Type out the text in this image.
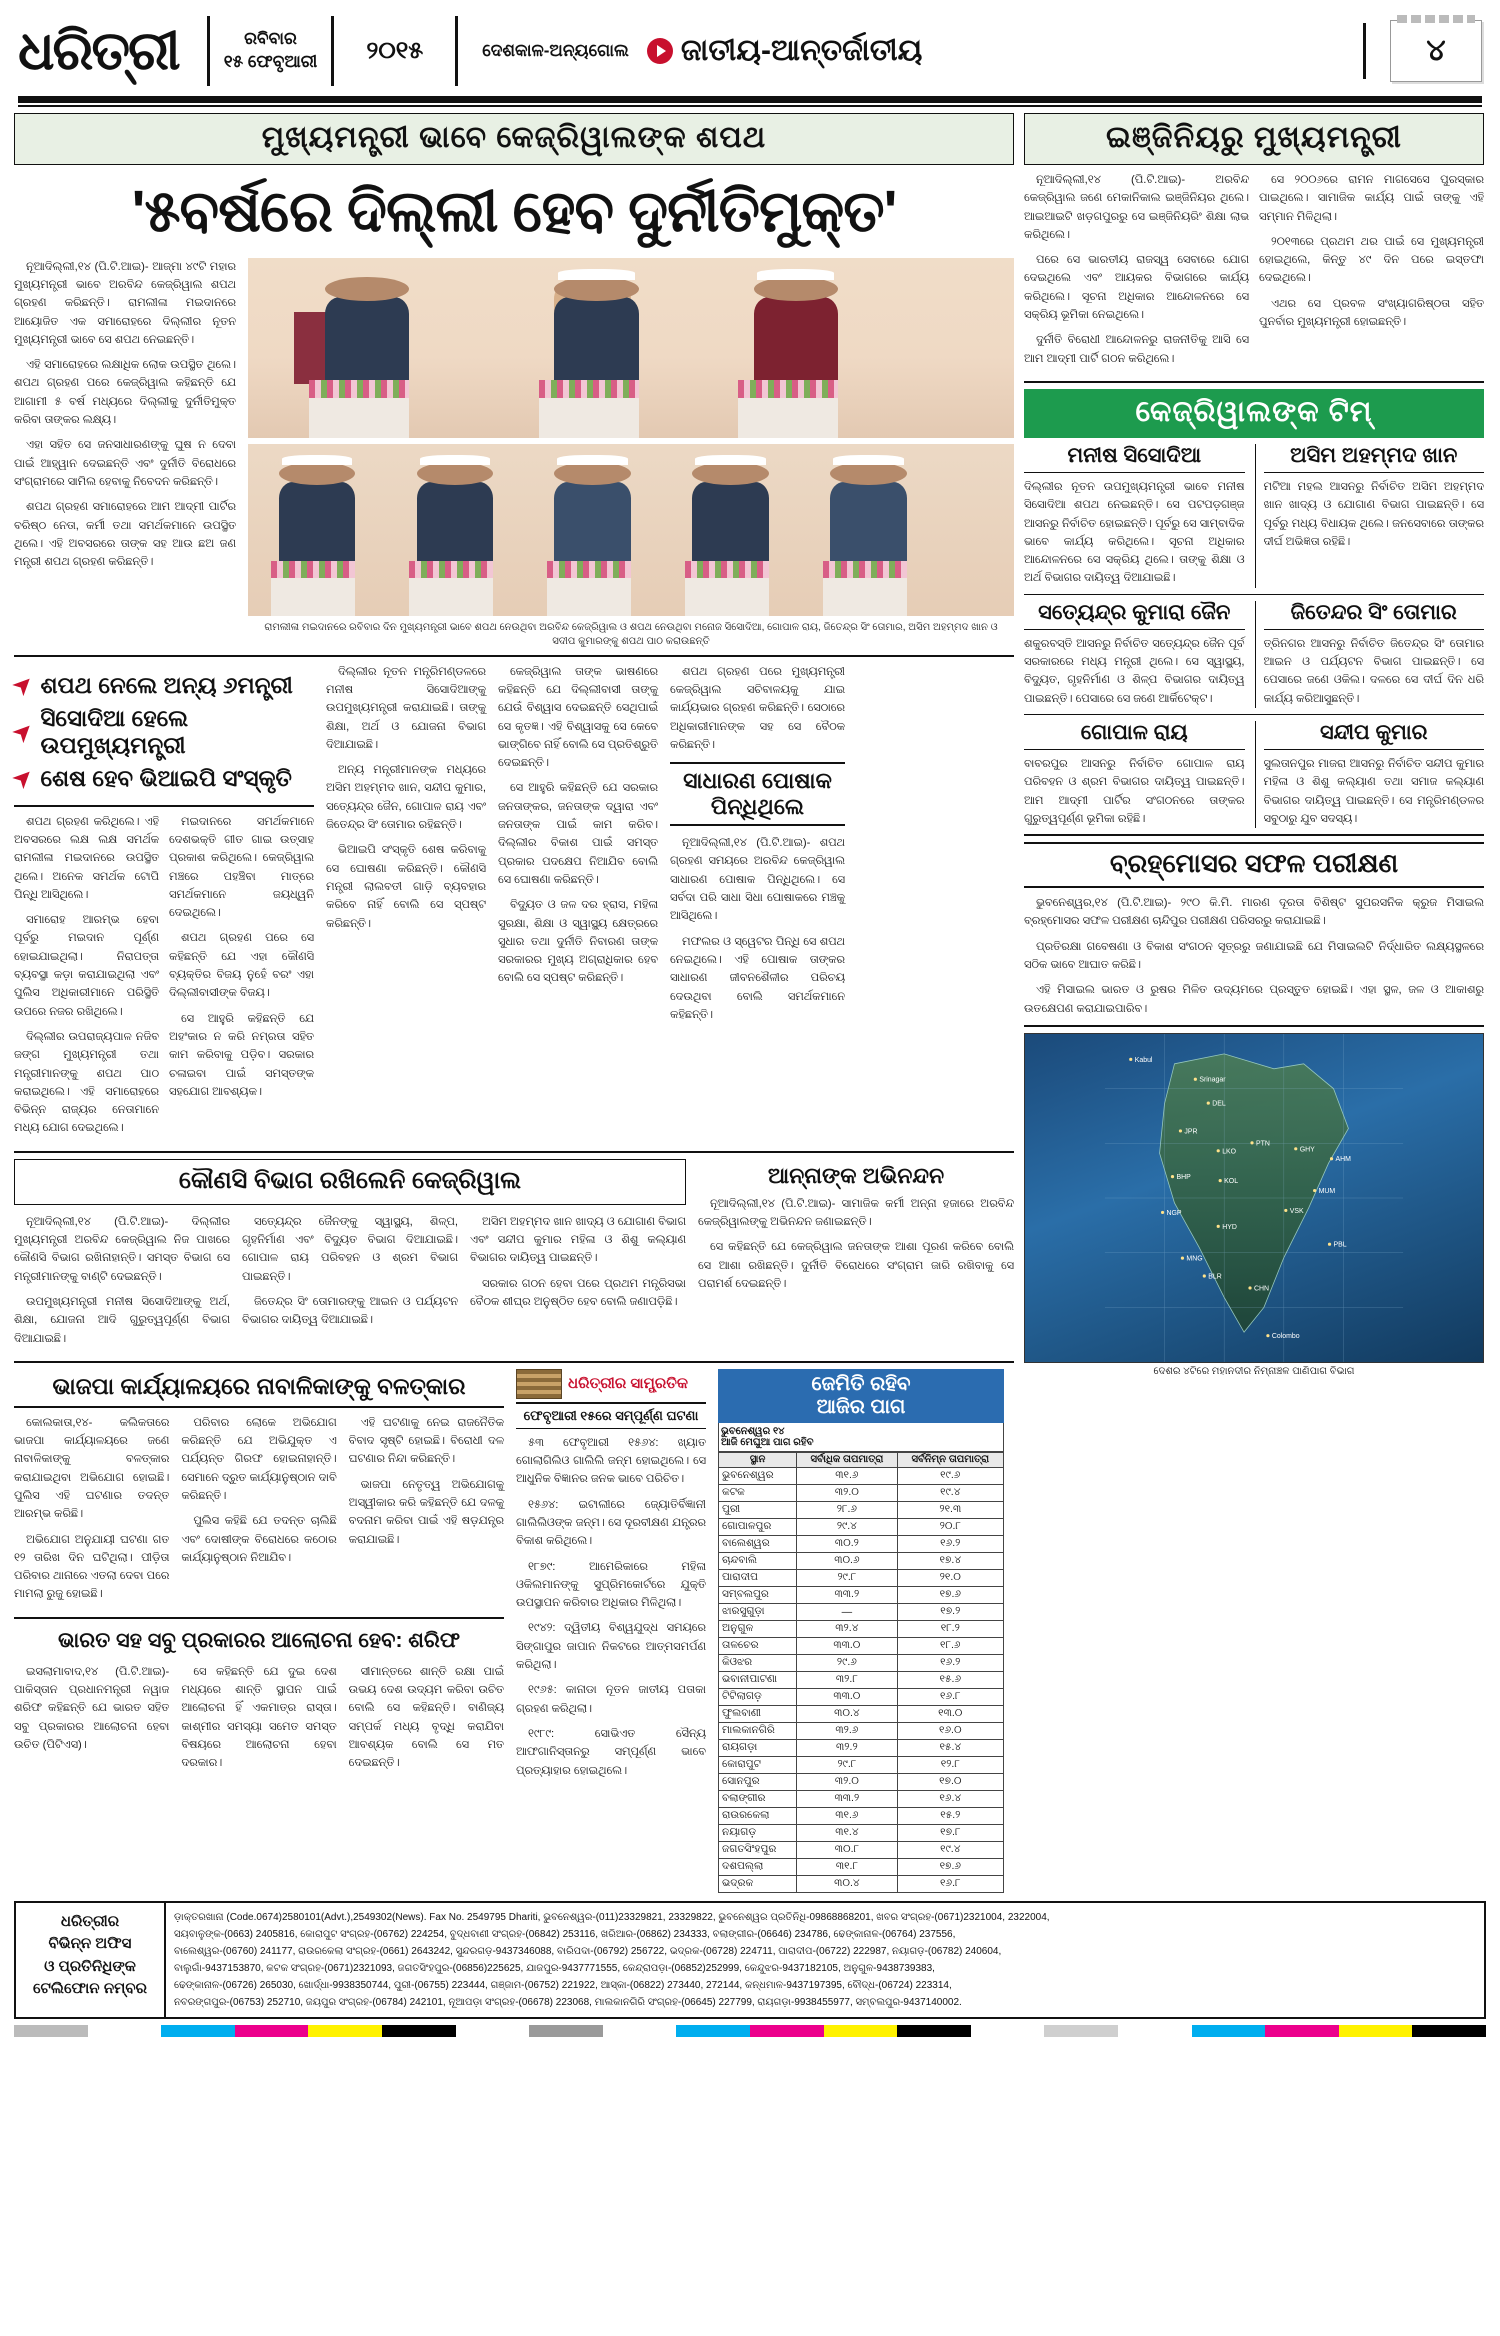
ଧରିତ୍ରୀ	ରବିବାର
୧୫ ଫେବୃଆରୀ	୨୦୧୫	ଦେଶକାଳ-ଅନ୍ୟଗୋଲ	ଜାତୀୟ-ଆନ୍ତର୍ଜାତୀୟ	୪
ମୁଖ୍ୟମନ୍ତ୍ରୀ ଭାବେ କେଜ୍ରିୱାଲଙ୍କ ଶପଥ
'୫ବର୍ଷରେ ଦିଲ୍ଲୀ ହେବ ଦୁର୍ନୀତିମୁକ୍ତ'

ନୂଆଦିଲ୍ଲୀ,୧୪ (ପି.ଟି.ଆଇ)- ଆଜ୍ମା ୪୯ଟି ମହାର ମୁଖ୍ୟମନ୍ତ୍ରୀ ଭାବେ ଅରବିନ୍ଦ କେଜ୍ରିୱାଲ ଶପଥ ଗ୍ରହଣ କରିଛନ୍ତି। ରାମଲୀଳା ମଇଦାନରେ ଆୟୋଜିତ ଏକ ସମାରୋହରେ ଦିଲ୍ଲୀର ନୂତନ ମୁଖ୍ୟମନ୍ତ୍ରୀ ଭାବେ ସେ ଶପଥ ନେଇଛନ୍ତି।

ଏହି ସମାରୋହରେ ଲକ୍ଷାଧିକ ଲୋକ ଉପସ୍ଥିତ ଥିଲେ। ଶପଥ ଗ୍ରହଣ ପରେ କେଜ୍ରିୱାଲ କହିଛନ୍ତି ଯେ ଆଗାମୀ ୫ ବର୍ଷ ମଧ୍ୟରେ ଦିଲ୍ଲୀକୁ ଦୁର୍ନୀତିମୁକ୍ତ କରିବା ତାଙ୍କର ଲକ୍ଷ୍ୟ।

ଏହା ସହିତ ସେ ଜନସାଧାରଣଙ୍କୁ ଘୁଷ ନ ଦେବା ପାଇଁ ଆହ୍ୱାନ ଦେଇଛନ୍ତି ଏବଂ ଦୁର୍ନୀତି ବିରୋଧରେ ସଂଗ୍ରାମରେ ସାମିଲ ହେବାକୁ ନିବେଦନ କରିଛନ୍ତି।

ଶପଥ ଗ୍ରହଣ ସମାରୋହରେ ଆମ ଆଦ୍ମୀ ପାର୍ଟିର ବରିଷ୍ଠ ନେତା, କର୍ମୀ ତଥା ସମର୍ଥକମାନେ ଉପସ୍ଥିତ ଥିଲେ। ଏହି ଅବସରରେ ତାଙ୍କ ସହ ଆଉ ଛଅ ଜଣ ମନ୍ତ୍ରୀ ଶପଥ ଗ୍ରହଣ କରିଛନ୍ତି।

ରାମଲୀଳା ମଇଦାନରେ ରବିବାର ଦିନ ମୁଖ୍ୟମନ୍ତ୍ରୀ ଭାବେ ଶପଥ ନେଉଥିବା ଅରବିନ୍ଦ କେଜ୍ରିୱାଲ ଓ ଶପଥ ନେଉଥିବା ମନୋଜ ସିସୋଦିଆ, ଗୋପାଳ ରାୟ, ଜିତେନ୍ଦ୍ର ସିଂ ତୋମାର, ଅସିମ ଅହମ୍ମଦ ଖାନ ଓ ସଦୀପ କୁମାରଙ୍କୁ ଶପଥ ପାଠ କରାଉଛନ୍ତି
➤ ଶପଥ ନେଲେ ଅନ୍ୟ ୬ମନ୍ତ୍ରୀ
➤ ସିସୋଦିଆ ହେଲେ ଉପମୁଖ୍ୟମନ୍ତ୍ରୀ
➤ ଶେଷ ହେବ ଭିଆଇପି ସଂସ୍କୃତି

ଶପଥ ଗ୍ରହଣ କରିଥିଲେ। ଏହି ଅବସରରେ ଲକ୍ଷ ଲକ୍ଷ ସମର୍ଥକ ରାମଲୀଳା ମଇଦାନରେ ଉପସ୍ଥିତ ଥିଲେ। ଅନେକ ସମର୍ଥକ ଟୋପି ପିନ୍ଧି ଆସିଥିଲେ।

ସମାରୋହ ଆରମ୍ଭ ହେବା ପୂର୍ବରୁ ମଇଦାନ ପୂର୍ଣ୍ଣ ହୋଇଯାଇଥିଲା। ନିରାପତ୍ତା ବ୍ୟବସ୍ଥା କଡ଼ା କରାଯାଇଥିଲା ଏବଂ ପୁଲିସ ଅଧିକାରୀମାନେ ପରିସ୍ଥିତି ଉପରେ ନଜର ରଖିଥିଲେ।

ଦିଲ୍ଲୀର ଉପରାଜ୍ୟପାଳ ନଜିବ ଜଙ୍ଗ ମୁଖ୍ୟମନ୍ତ୍ରୀ ତଥା ମନ୍ତ୍ରୀମାନଙ୍କୁ ଶପଥ ପାଠ କରାଇଥିଲେ। ଏହି ସମାରୋହରେ ବିଭିନ୍ନ ରାଜ୍ୟର ନେତାମାନେ ମଧ୍ୟ ଯୋଗ ଦେଇଥିଲେ।

ମଇଦାନରେ ସମର୍ଥକମାନେ ଦେଶଭକ୍ତି ଗୀତ ଗାଇ ଉତ୍ସାହ ପ୍ରକାଶ କରିଥିଲେ। କେଜ୍ରିୱାଲ ମଞ୍ଚରେ ପହଞ୍ଚିବା ମାତ୍ରେ ସମର୍ଥକମାନେ ଜୟଧ୍ୱନି ଦେଇଥିଲେ।

ଶପଥ ଗ୍ରହଣ ପରେ ସେ କହିଛନ୍ତି ଯେ ଏହା କୌଣସି ବ୍ୟକ୍ତିର ବିଜୟ ନୁହେଁ ବରଂ ଏହା ଦିଲ୍ଲୀବାସୀଙ୍କ ବିଜୟ।

ସେ ଆହୁରି କହିଛନ୍ତି ଯେ ଅହଂକାର ନ କରି ନମ୍ରତା ସହିତ କାମ କରିବାକୁ ପଡ଼ିବ। ସରକାର ଚଳାଇବା ପାଇଁ ସମସ୍ତଙ୍କ ସହଯୋଗ ଆବଶ୍ୟକ।

ଦିଲ୍ଲୀର ନୂତନ ମନ୍ତ୍ରିମଣ୍ଡଳରେ ମନୀଷ ସିସୋଦିଆଙ୍କୁ ଉପମୁଖ୍ୟମନ୍ତ୍ରୀ କରାଯାଇଛି। ତାଙ୍କୁ ଶିକ୍ଷା, ଅର୍ଥ ଓ ଯୋଜନା ବିଭାଗ ଦିଆଯାଇଛି।

ଅନ୍ୟ ମନ୍ତ୍ରୀମାନଙ୍କ ମଧ୍ୟରେ ଅସିମ ଅହମ୍ମଦ ଖାନ, ସନ୍ଦୀପ କୁମାର, ସତ୍ୟେନ୍ଦ୍ର ଜୈନ, ଗୋପାଳ ରାୟ ଏବଂ ଜିତେନ୍ଦ୍ର ସିଂ ତୋମାର ରହିଛନ୍ତି।

ଭିଆଇପି ସଂସ୍କୃତି ଶେଷ କରିବାକୁ ସେ ଘୋଷଣା କରିଛନ୍ତି। କୌଣସି ମନ୍ତ୍ରୀ ଲାଲବତୀ ଗାଡ଼ି ବ୍ୟବହାର କରିବେ ନାହିଁ ବୋଲି ସେ ସ୍ପଷ୍ଟ କରିଛନ୍ତି।

କେଜ୍ରିୱାଲ ତାଙ୍କ ଭାଷଣରେ କହିଛନ୍ତି ଯେ ଦିଲ୍ଲୀବାସୀ ତାଙ୍କୁ ଯେଉଁ ବିଶ୍ୱାସ ଦେଇଛନ୍ତି ସେଥିପାଇଁ ସେ କୃତଜ୍ଞ। ଏହି ବିଶ୍ୱାସକୁ ସେ କେବେ ଭାଙ୍ଗିବେ ନାହିଁ ବୋଲି ସେ ପ୍ରତିଶ୍ରୁତି ଦେଇଛନ୍ତି।

ସେ ଆହୁରି କହିଛନ୍ତି ଯେ ସରକାର ଜନତାଙ୍କର, ଜନତାଙ୍କ ଦ୍ୱାରା ଏବଂ ଜନତାଙ୍କ ପାଇଁ କାମ କରିବ। ଦିଲ୍ଲୀର ବିକାଶ ପାଇଁ ସମସ୍ତ ପ୍ରକାର ପଦକ୍ଷେପ ନିଆଯିବ ବୋଲି ସେ ଘୋଷଣା କରିଛନ୍ତି।

ବିଦ୍ୟୁତ ଓ ଜଳ ଦର ହ୍ରାସ, ମହିଳା ସୁରକ୍ଷା, ଶିକ୍ଷା ଓ ସ୍ୱାସ୍ଥ୍ୟ କ୍ଷେତ୍ରରେ ସୁଧାର ତଥା ଦୁର୍ନୀତି ନିବାରଣ ତାଙ୍କ ସରକାରର ମୁଖ୍ୟ ଅଗ୍ରାଧିକାର ହେବ ବୋଲି ସେ ସ୍ପଷ୍ଟ କରିଛନ୍ତି।

ଶପଥ ଗ୍ରହଣ ପରେ ମୁଖ୍ୟମନ୍ତ୍ରୀ କେଜ୍ରିୱାଲ ସଚିବାଳୟକୁ ଯାଇ କାର୍ଯ୍ୟଭାର ଗ୍ରହଣ କରିଛନ୍ତି। ସେଠାରେ ଅଧିକାରୀମାନଙ୍କ ସହ ସେ ବୈଠକ କରିଛନ୍ତି।

ସାଧାରଣ ପୋଷାକ ପିନ୍ଧିଥିଲେ

ନୂଆଦିଲ୍ଲୀ,୧୪ (ପି.ଟି.ଆଇ)- ଶପଥ ଗ୍ରହଣ ସମୟରେ ଅରବିନ୍ଦ କେଜ୍ରିୱାଲ ସାଧାରଣ ପୋଷାକ ପିନ୍ଧିଥିଲେ। ସେ ସର୍ବଦା ପରି ସାଧା ସିଧା ପୋଷାକରେ ମଞ୍ଚକୁ ଆସିଥିଲେ।

ମଫଲର ଓ ସ୍ୱେଟର ପିନ୍ଧି ସେ ଶପଥ ନେଇଥିଲେ। ଏହି ପୋଷାକ ତାଙ୍କର ସାଧାରଣ ଜୀବନଶୈଳୀର ପରିଚୟ ଦେଉଥିବା ବୋଲି ସମର୍ଥକମାନେ କହିଛନ୍ତି।

କୌଣସି ବିଭାଗ ରଖିଲେନି କେଜ୍ରିୱାଲ

ନୂଆଦିଲ୍ଲୀ,୧୪ (ପି.ଟି.ଆଇ)- ଦିଲ୍ଲୀର ମୁଖ୍ୟମନ୍ତ୍ରୀ ଅରବିନ୍ଦ କେଜ୍ରିୱାଲ ନିଜ ପାଖରେ କୌଣସି ବିଭାଗ ରଖିନାହାନ୍ତି। ସମସ୍ତ ବିଭାଗ ସେ ମନ୍ତ୍ରୀମାନଙ୍କୁ ବାଣ୍ଟି ଦେଇଛନ୍ତି।

ଉପମୁଖ୍ୟମନ୍ତ୍ରୀ ମନୀଷ ସିସୋଦିଆଙ୍କୁ ଅର୍ଥ, ଶିକ୍ଷା, ଯୋଜନା ଆଦି ଗୁରୁତ୍ୱପୂର୍ଣ୍ଣ ବିଭାଗ ଦିଆଯାଇଛି।

ସତ୍ୟେନ୍ଦ୍ର ଜୈନଙ୍କୁ ସ୍ୱାସ୍ଥ୍ୟ, ଶିଳ୍ପ, ଗୃହନିର୍ମାଣ ଏବଂ ବିଦ୍ୟୁତ ବିଭାଗ ଦିଆଯାଇଛି। ଗୋପାଳ ରାୟ ପରିବହନ ଓ ଶ୍ରମ ବିଭାଗ ପାଇଛନ୍ତି।

ଜିତେନ୍ଦ୍ର ସିଂ ତୋମାରଙ୍କୁ ଆଇନ ଓ ପର୍ଯ୍ୟଟନ ବିଭାଗର ଦାୟିତ୍ୱ ଦିଆଯାଇଛି।

ଅସିମ ଅହମ୍ମଦ ଖାନ ଖାଦ୍ୟ ଓ ଯୋଗାଣ ବିଭାଗ ଏବଂ ସନ୍ଦୀପ କୁମାର ମହିଳା ଓ ଶିଶୁ କଲ୍ୟାଣ ବିଭାଗର ଦାୟିତ୍ୱ ପାଇଛନ୍ତି।

ସରକାର ଗଠନ ହେବା ପରେ ପ୍ରଥମ ମନ୍ତ୍ରିସଭା ବୈଠକ ଶୀଘ୍ର ଅନୁଷ୍ଠିତ ହେବ ବୋଲି ଜଣାପଡ଼ିଛି।

ଆନ୍ନାଙ୍କ ଅଭିନନ୍ଦନ

ନୂଆଦିଲ୍ଲୀ,୧୪ (ପି.ଟି.ଆଇ)- ସାମାଜିକ କର୍ମୀ ଅନ୍ନା ହଜାରେ ଅରବିନ୍ଦ କେଜ୍ରିୱାଲଙ୍କୁ ଅଭିନନ୍ଦନ ଜଣାଇଛନ୍ତି।

ସେ କହିଛନ୍ତି ଯେ କେଜ୍ରିୱାଲ ଜନତାଙ୍କ ଆଶା ପୂରଣ କରିବେ ବୋଲି ସେ ଆଶା ରଖିଛନ୍ତି। ଦୁର୍ନୀତି ବିରୋଧରେ ସଂଗ୍ରାମ ଜାରି ରଖିବାକୁ ସେ ପରାମର୍ଶ ଦେଇଛନ୍ତି।

ଭାଜପା କାର୍ଯ୍ୟାଳୟରେ ନାବାଳିକାଙ୍କୁ ବଳତ୍କାର

କୋଲକାତା,୧୪- କଲିକତାରେ ଭାଜପା କାର୍ଯ୍ୟାଳୟରେ ଜଣେ ନାବାଳିକାଙ୍କୁ ବଳତ୍କାର କରାଯାଇଥିବା ଅଭିଯୋଗ ହୋଇଛି। ପୁଲିସ ଏହି ଘଟଣାର ତଦନ୍ତ ଆରମ୍ଭ କରିଛି।

ଅଭିଯୋଗ ଅନୁଯାୟୀ ଘଟଣା ଗତ ୧୨ ତାରିଖ ଦିନ ଘଟିଥିଲା। ପୀଡ଼ିତା ପରିବାର ଥାନାରେ ଏତଲା ଦେବା ପରେ ମାମଲା ରୁଜୁ ହୋଇଛି।

ପରିବାର ଲୋକେ ଅଭିଯୋଗ କରିଛନ୍ତି ଯେ ଅଭିଯୁକ୍ତ ଏ ପର୍ଯ୍ୟନ୍ତ ଗିରଫ ହୋଇନାହାନ୍ତି। ସେମାନେ ଦ୍ରୁତ କାର୍ଯ୍ୟାନୁଷ୍ଠାନ ଦାବି କରିଛନ୍ତି।

ପୁଲିସ କହିଛି ଯେ ତଦନ୍ତ ଚାଲିଛି ଏବଂ ଦୋଷୀଙ୍କ ବିରୋଧରେ କଠୋର କାର୍ଯ୍ୟାନୁଷ୍ଠାନ ନିଆଯିବ।

ଏହି ଘଟଣାକୁ ନେଇ ରାଜନୈତିକ ବିବାଦ ସୃଷ୍ଟି ହୋଇଛି। ବିରୋଧୀ ଦଳ ଘଟଣାର ନିନ୍ଦା କରିଛନ୍ତି।

ଭାଜପା ନେତୃତ୍ୱ ଅଭିଯୋଗକୁ ଅସ୍ୱୀକାର କରି କହିଛନ୍ତି ଯେ ଦଳକୁ ବଦନାମ କରିବା ପାଇଁ ଏହି ଷଡ଼ଯନ୍ତ୍ର କରାଯାଇଛି।

ଭାରତ ସହ ସବୁ ପ୍ରକାରର ଆଲୋଚନା ହେବ: ଶରିଫ

ଇସଲାମାବାଦ,୧୪ (ପି.ଟି.ଆଇ)- ପାକିସ୍ତାନ ପ୍ରଧାନମନ୍ତ୍ରୀ ନୱାଜ ଶରିଫ କହିଛନ୍ତି ଯେ ଭାରତ ସହିତ ସବୁ ପ୍ରକାରର ଆଲୋଚନା ହେବା ଉଚିତ (ପିଟିଏସ)।

ସେ କହିଛନ୍ତି ଯେ ଦୁଇ ଦେଶ ମଧ୍ୟରେ ଶାନ୍ତି ସ୍ଥାପନ ପାଇଁ ଆଲୋଚନା ହିଁ ଏକମାତ୍ର ରାସ୍ତା। କାଶ୍ମୀର ସମସ୍ୟା ସମେତ ସମସ୍ତ ବିଷୟରେ ଆଲୋଚନା ହେବା ଦରକାର।

ସୀମାନ୍ତରେ ଶାନ୍ତି ରକ୍ଷା ପାଇଁ ଉଭୟ ଦେଶ ଉଦ୍ୟମ କରିବା ଉଚିତ ବୋଲି ସେ କହିଛନ୍ତି। ବାଣିଜ୍ୟ ସମ୍ପର୍କ ମଧ୍ୟ ବୃଦ୍ଧି କରାଯିବା ଆବଶ୍ୟକ ବୋଲି ସେ ମତ ଦେଇଛନ୍ତି।

ଧରିତ୍ରୀର ସାମ୍ପ୍ରତିକ
ଫେବୃଆରୀ ୧୫ରେ ସମ୍ପୂର୍ଣ୍ଣ ଘଟଣା

୫୩ ଫେବୃଆରୀ ୧୫୬୪: ଖ୍ୟାତ ଗୋଲାଗିଲିଓ ଗାଲିଲି ଜନ୍ମ ହୋଇଥିଲେ। ସେ ଆଧୁନିକ ବିଜ୍ଞାନର ଜନକ ଭାବେ ପରିଚିତ।

୧୫୬୪: ଇଟାଲୀରେ ଜ୍ୟୋତିର୍ବିଜ୍ଞାନୀ ଗାଲିଲିଓଙ୍କ ଜନ୍ମ। ସେ ଦୂରବୀକ୍ଷଣ ଯନ୍ତ୍ରର ବିକାଶ କରିଥିଲେ।

୧୮୭୯: ଆମେରିକାରେ ମହିଳା ଓକିଲମାନଙ୍କୁ ସୁପ୍ରିମକୋର୍ଟରେ ଯୁକ୍ତି ଉପସ୍ଥାପନ କରିବାର ଅଧିକାର ମିଳିଥିଲା।

୧୯୪୨: ଦ୍ୱିତୀୟ ବିଶ୍ୱଯୁଦ୍ଧ ସମୟରେ ସିଙ୍ଗାପୁର ଜାପାନ ନିକଟରେ ଆତ୍ମସମର୍ପଣ କରିଥିଲା।

୧୯୬୫: କାନାଡା ନୂତନ ଜାତୀୟ ପତାକା ଗ୍ରହଣ କରିଥିଲା।

୧୯୮୯: ସୋଭିଏତ ସୈନ୍ୟ ଆଫଗାନିସ୍ତାନରୁ ସମ୍ପୂର୍ଣ୍ଣ ଭାବେ ପ୍ରତ୍ୟାହାର ହୋଇଥିଲେ।

ଜେମିତି ରହିବ
ଆଜିର ପାଗ
ଭୁବନେଶ୍ୱର ୧୪
ଆଜି ମେଘୁଆ ପାଗ ରହିବ
ସ୍ଥାନ	ସର୍ବାଧିକ ତାପମାତ୍ରା	ସର୍ବନିମ୍ନ ତାପମାତ୍ରା
ଭୁବନେଶ୍ୱର	୩୧.୬	୧୯.୬
କଟକ	୩୨.୦	୧୯.୪
ପୁରୀ	୨୮.୬	୨୧.୩
ଗୋପାଳପୁର	୨୯.୪	୨୦.୮
ବାଲେଶ୍ୱର	୩୦.୨	୧୬.୨
ଚାନ୍ଦବାଲି	୩୦.୬	୧୭.୪
ପାରାଦୀପ	୨୯.୮	୨୧.୦
ସମ୍ବଲପୁର	୩୩.୨	୧୭.୬
ଝାରସୁଗୁଡ଼ା	—	୧୭.୨
ଅନୁଗୁଳ	୩୨.୪	୧୮.୨
ତାଳଚେର	୩୩.୦	୧୮.୬
କିଓଝର	୨୯.୬	୧୬.୨
ଭବାନୀପାଟଣା	୩୨.୮	୧୫.୬
ଟିଟିଲାଗଡ଼	୩୩.୦	୧୬.୮
ଫୁଲବାଣୀ	୩୦.୪	୧୩.୦
ମାଲକାନଗିରି	୩୨.୬	୧୬.୦
ରାୟଗଡ଼ା	୩୨.୨	୧୫.୪
କୋରାପୁଟ	୨୯.୮	୧୨.୮
ସୋନପୁର	୩୨.୦	୧୭.୦
ବଲାଙ୍ଗୀର	୩୩.୨	୧୬.୪
ରାଉରକେଲା	୩୧.୬	୧୫.୨
ନୟାଗଡ଼	୩୧.୪	୧୭.୮
ଜଗତସିଂହପୁର	୩୦.୮	୧୯.୪
ଦଶପଲ୍ଲା	୩୧.୮	୧୭.୬
ଭଦ୍ରକ	୩୦.୪	୧୬.୮
ଇଞ୍ଜିନିୟରୁ ମୁଖ୍ୟମନ୍ତ୍ରୀ

ନୂଆଦିଲ୍ଲୀ,୧୪ (ପି.ଟି.ଆଇ)- ଅରବିନ୍ଦ କେଜ୍ରିୱାଲ ଜଣେ ମେକାନିକାଲ ଇଞ୍ଜିନିୟର ଥିଲେ। ଆଇଆଇଟି ଖଡ଼ଗପୁରରୁ ସେ ଇଞ୍ଜିନିୟରିଂ ଶିକ୍ଷା ଲାଭ କରିଥିଲେ।

ପରେ ସେ ଭାରତୀୟ ରାଜସ୍ୱ ସେବାରେ ଯୋଗ ଦେଇଥିଲେ ଏବଂ ଆୟକର ବିଭାଗରେ କାର୍ଯ୍ୟ କରିଥିଲେ। ସୂଚନା ଅଧିକାର ଆନ୍ଦୋଳନରେ ସେ ସକ୍ରିୟ ଭୂମିକା ନେଇଥିଲେ।

ଦୁର୍ନୀତି ବିରୋଧୀ ଆନ୍ଦୋଳନରୁ ରାଜନୀତିକୁ ଆସି ସେ ଆମ ଆଦ୍ମୀ ପାର୍ଟି ଗଠନ କରିଥିଲେ।

ସେ ୨୦୦୬ରେ ରାମନ ମାଗସେସେ ପୁରସ୍କାର ପାଇଥିଲେ। ସାମାଜିକ କାର୍ଯ୍ୟ ପାଇଁ ତାଙ୍କୁ ଏହି ସମ୍ମାନ ମିଳିଥିଲା।

୨୦୧୩ରେ ପ୍ରଥମ ଥର ପାଇଁ ସେ ମୁଖ୍ୟମନ୍ତ୍ରୀ ହୋଇଥିଲେ, କିନ୍ତୁ ୪୯ ଦିନ ପରେ ଇସ୍ତଫା ଦେଇଥିଲେ।

ଏଥର ସେ ପ୍ରବଳ ସଂଖ୍ୟାଗରିଷ୍ଠତା ସହିତ ପୁନର୍ବାର ମୁଖ୍ୟମନ୍ତ୍ରୀ ହୋଇଛନ୍ତି।

କେଜ୍ରିୱାଲଙ୍କ ଟିମ୍
ମନୀଷ ସିସୋଦିଆ
ଦିଲ୍ଲୀର ନୂତନ ଉପମୁଖ୍ୟମନ୍ତ୍ରୀ ଭାବେ ମନୀଷ ସିସୋଦିଆ ଶପଥ ନେଇଛନ୍ତି। ସେ ପଟପଡ଼ଗଞ୍ଜ ଆସନରୁ ନିର୍ବାଚିତ ହୋଇଛନ୍ତି। ପୂର୍ବରୁ ସେ ସାମ୍ବାଦିକ ଭାବେ କାର୍ଯ୍ୟ କରିଥିଲେ। ସୂଚନା ଅଧିକାର ଆନ୍ଦୋଳନରେ ସେ ସକ୍ରିୟ ଥିଲେ। ତାଙ୍କୁ ଶିକ୍ଷା ଓ ଅର୍ଥ ବିଭାଗର ଦାୟିତ୍ୱ ଦିଆଯାଇଛି।
ଅସିମ ଅହମ୍ମଦ ଖାନ
ମଟିଆ ମହଲ ଆସନରୁ ନିର୍ବାଚିତ ଅସିମ ଅହମ୍ମଦ ଖାନ ଖାଦ୍ୟ ଓ ଯୋଗାଣ ବିଭାଗ ପାଇଛନ୍ତି। ସେ ପୂର୍ବରୁ ମଧ୍ୟ ବିଧାୟକ ଥିଲେ। ଜନସେବାରେ ତାଙ୍କର ଦୀର୍ଘ ଅଭିଜ୍ଞତା ରହିଛି।
ସତ୍ୟେନ୍ଦ୍ର କୁମାରା ଜୈନ
ଶକୁରବସ୍ତି ଆସନରୁ ନିର୍ବାଚିତ ସତ୍ୟେନ୍ଦ୍ର ଜୈନ ପୂର୍ବ ସରକାରରେ ମଧ୍ୟ ମନ୍ତ୍ରୀ ଥିଲେ। ସେ ସ୍ୱାସ୍ଥ୍ୟ, ବିଦ୍ୟୁତ, ଗୃହନିର୍ମାଣ ଓ ଶିଳ୍ପ ବିଭାଗର ଦାୟିତ୍ୱ ପାଇଛନ୍ତି। ପେସାରେ ସେ ଜଣେ ଆର୍କିଟେକ୍ଟ।
ଜିତେନ୍ଦର ସିଂ ତୋମାର
ତ୍ରିନଗର ଆସନରୁ ନିର୍ବାଚିତ ଜିତେନ୍ଦ୍ର ସିଂ ତୋମାର ଆଇନ ଓ ପର୍ଯ୍ୟଟନ ବିଭାଗ ପାଇଛନ୍ତି। ସେ ପେସାରେ ଜଣେ ଓକିଲ। ଦଳରେ ସେ ଦୀର୍ଘ ଦିନ ଧରି କାର୍ଯ୍ୟ କରିଆସୁଛନ୍ତି।
ଗୋପାଳ ରାୟ
ବାବରପୁର ଆସନରୁ ନିର୍ବାଚିତ ଗୋପାଳ ରାୟ ପରିବହନ ଓ ଶ୍ରମ ବିଭାଗର ଦାୟିତ୍ୱ ପାଇଛନ୍ତି। ଆମ ଆଦ୍ମୀ ପାର୍ଟିର ସଂଗଠନରେ ତାଙ୍କର ଗୁରୁତ୍ୱପୂର୍ଣ୍ଣ ଭୂମିକା ରହିଛି।
ସନ୍ଦୀପ କୁମାର
ସୁଲତାନପୁର ମାଜରା ଆସନରୁ ନିର୍ବାଚିତ ସନ୍ଦୀପ କୁମାର ମହିଳା ଓ ଶିଶୁ କଲ୍ୟାଣ ତଥା ସମାଜ କଲ୍ୟାଣ ବିଭାଗର ଦାୟିତ୍ୱ ପାଇଛନ୍ତି। ସେ ମନ୍ତ୍ରିମଣ୍ଡଳର ସବୁଠାରୁ ଯୁବ ସଦସ୍ୟ।
ବ୍ରହ୍ମୋସର ସଫଳ ପରୀକ୍ଷଣ

ଭୁବନେଶ୍ୱର,୧୪ (ପି.ଟି.ଆଇ)- ୨୯୦ କି.ମି. ମାରଣ ଦୂରତା ବିଶିଷ୍ଟ ସୁପରସନିକ କ୍ରୁଜ ମିସାଇଲ ବ୍ରହ୍ମୋସର ସଫଳ ପରୀକ୍ଷଣ ଚାନ୍ଦିପୁର ପରୀକ୍ଷଣ ପରିସରରୁ କରାଯାଇଛି।

ପ୍ରତିରକ୍ଷା ଗବେଷଣା ଓ ବିକାଶ ସଂଗଠନ ସୂତ୍ରରୁ ଜଣାଯାଇଛି ଯେ ମିସାଇଲଟି ନିର୍ଦ୍ଧାରିତ ଲକ୍ଷ୍ୟସ୍ଥଳରେ ସଠିକ ଭାବେ ଆଘାତ କରିଛି।

ଏହି ମିସାଇଲ ଭାରତ ଓ ରୁଷର ମିଳିତ ଉଦ୍ୟମରେ ପ୍ରସ୍ତୁତ ହୋଇଛି। ଏହା ସ୍ଥଳ, ଜଳ ଓ ଆକାଶରୁ ଉତକ୍ଷେପଣ କରାଯାଇପାରିବ।

Kabul
Srinagar
DEL
JPR
LKO
PTN
GHY
AHM
BHP
KOL
MUM
NGP
HYD
VSK
BLR
CHN
PBL
Colombo
MNG
ଦେଶର ୪ଟିରେ ମହାନଦୀର ନିମ୍ନାଞ୍ଚଳ ପାଣିପାଗ ବିଭାଗ
ଧରିତ୍ରୀର
ବିଭିନ୍ନ ଅଫିସ
ଓ ପ୍ରତିନିଧିଙ୍କ
ଟେଲିଫୋନ ନମ୍ବର
ଡ଼ାକ୍ତରଖାନା (Code.0674)2580101(Advt.),2549302(News). Fax No. 2549795 Dhariti, ଭୁବନେଶ୍ୱର-(011)23329821, 23329822, ଭୁବନେଶ୍ୱର ପ୍ରତିନିଧି-09868868201, ଖବର ସଂଗ୍ରହ-(0671)2321004, 2322004,
ସୟବାଳୁଙ୍କ-(0663) 2405816, କୋରାପୁଟ ସଂଗ୍ରହ-(06762) 224254, ବୁଦ୍ଧବାଣୀ ସଂଗ୍ରହ-(06842) 253116, ଖରିଆର-(06862) 234333, ବଲାଙ୍ଗୀର-(06646) 234786, ଢେଙ୍କାନାଳ-(06764) 237556,
ବାଲେଶ୍ୱର-(06760) 241177, ରାଉରକେଲା ସଂଗ୍ରହ-(0661) 2643242, ସୁନ୍ଦରଗଡ଼-9437346088, ବାରିପଦା-(06792) 256722, ଭଦ୍ରକ-(06728) 224711, ପାରାଦୀପ-(06722) 222987, ନୟାଗଡ଼-(06782) 240604,
ବାଲୁଗାଁ-9437153870, କଟକ ସଂଗ୍ରହ-(0671)2321093, ଜଗତସିଂହପୁର-(06856)225625, ଯାଜପୁର-9437771555, କେନ୍ଦ୍ରାପଡ଼ା-(06852)252999, କେନ୍ଦୁଝର-9437182105, ଅନୁଗୁଳ-9438739383,
ଢେଙ୍କାନାଳ-(06726) 265030, ଖୋର୍ଦ୍ଧା-9938350744, ପୁରୀ-(06755) 223444, ଗଞ୍ଜାମ-(06752) 221922, ଆସ୍କା-(06822) 273440, 272144, କନ୍ଧମାଳ-9437197395, ବୌଦ୍ଧ-(06724) 223314,
ନବରଙ୍ଗପୁର-(06753) 252710, ଜୟପୁର ସଂଗ୍ରହ-(06784) 242101, ନୂଆପଡ଼ା ସଂଗ୍ରହ-(06678) 223068, ମାଲକାନଗିରି ସଂଗ୍ରହ-(06645) 227799, ରାୟଗଡ଼ା-9938455977, ସମ୍ବଲପୁର-9437140002.
